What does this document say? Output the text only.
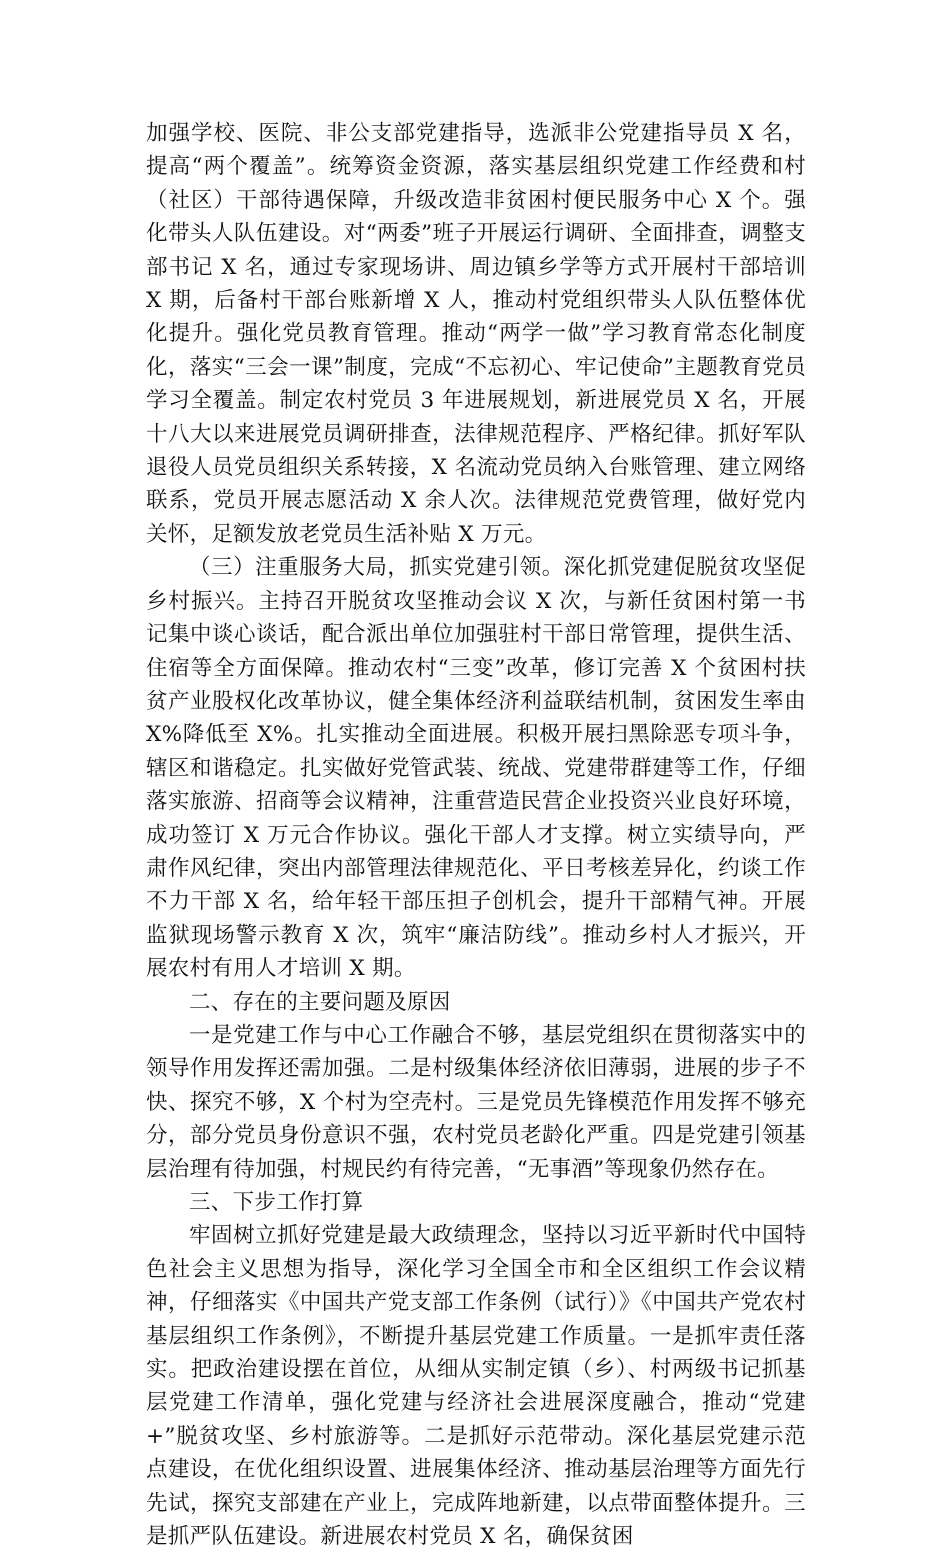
加强学校、医院、非公支部党建指导，选派非公党建指导员 X 名，提高“两个覆盖”。统筹资金资源，落实基层组织党建工作经费和村（社区）干部待遇保障，升级改造非贫困村便民服务中心 X 个。强化带头人队伍建设。对“两委”班子开展运行调研、全面排查，调整支部书记 X 名，通过专家现场讲、周边镇乡学等方式开展村干部培训 X 期，后备村干部台账新增 X 人，推动村党组织带头人队伍整体优化提升。强化党员教育管理。推动“两学一做”学习教育常态化制度化，落实“三会一课”制度，完成“不忘初心、牢记使命”主题教育党员学习全覆盖。制定农村党员 3 年进展规划，新进展党员 X 名，开展十八大以来进展党员调研排查，法律规范程序、严格纪律。抓好军队退役人员党员组织关系转接，X 名流动党员纳入台账管理、建立网络联系，党员开展志愿活动 X 余人次。法律规范党费管理，做好党内关怀，足额发放老党员生活补贴 X 万元。

（三）注重服务大局，抓实党建引领。深化抓党建促脱贫攻坚促乡村振兴。主持召开脱贫攻坚推动会议 X 次，与新任贫困村第一书记集中谈心谈话，配合派出单位加强驻村干部日常管理，提供生活、住宿等全方面保障。推动农村“三变”改革，修订完善 X 个贫困村扶贫产业股权化改革协议，健全集体经济利益联结机制，贫困发生率由 X%降低至 X%。扎实推动全面进展。积极开展扫黑除恶专项斗争，辖区和谐稳定。扎实做好党管武装、统战、党建带群建等工作，仔细落实旅游、招商等会议精神，注重营造民营企业投资兴业良好环境，成功签订 X 万元合作协议。强化干部人才支撑。树立实绩导向，严肃作风纪律，突出内部管理法律规范化、平日考核差异化，约谈工作不力干部 X 名，给年轻干部压担子创机会，提升干部精气神。开展监狱现场警示教育 X 次，筑牢“廉洁防线”。推动乡村人才振兴，开展农村有用人才培训 X 期。

二、存在的主要问题及原因

一是党建工作与中心工作融合不够，基层党组织在贯彻落实中的领导作用发挥还需加强。二是村级集体经济依旧薄弱，进展的步子不快、探究不够，X 个村为空壳村。三是党员先锋模范作用发挥不够充分，部分党员身份意识不强，农村党员老龄化严重。四是党建引领基层治理有待加强，村规民约有待完善，“无事酒”等现象仍然存在。

三、下步工作打算

牢固树立抓好党建是最大政绩理念，坚持以习近平新时代中国特色社会主义思想为指导，深化学习全国全市和全区组织工作会议精神，仔细落实《中国共产党支部工作条例（试行）》《中国共产党农村基层组织工作条例》，不断提升基层党建工作质量。一是抓牢责任落实。把政治建设摆在首位，从细从实制定镇（乡）、村两级书记抓基层党建工作清单，强化党建与经济社会进展深度融合，推动“党建+”脱贫攻坚、乡村旅游等。二是抓好示范带动。深化基层党建示范点建设，在优化组织设置、进展集体经济、推动基层治理等方面先行先试，探究支部建在产业上，完成阵地新建，以点带面整体提升。三是抓严队伍建设。新进展农村党员 X 名，确保贫困
